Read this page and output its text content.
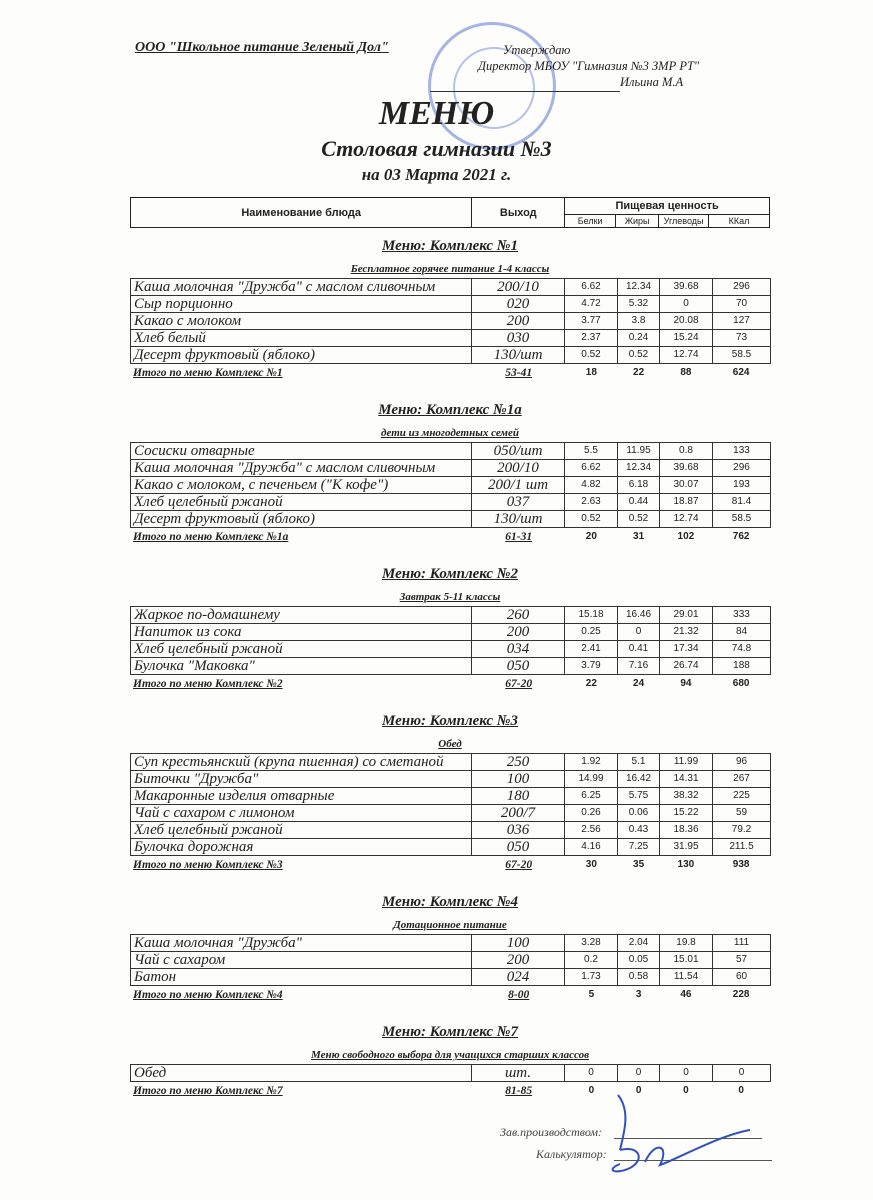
ООО "Школьное питание Зеленый Дол"	Утверждаю
Директор МБОУ "Гимназия №3 ЗМР РТ"
Ильина М.А
МЕНЮ
Столовая гимназии №3
на 03 Марта 2021 г.
Наименование блюда	Выход	Пищевая ценность			
		Белки	Жиры	Углеводы	ККал
Меню: Комплекс №1
Бесплатное горячее питание 1-4 классы
Каша молочная "Дружба" с маслом сливочным	200/10	6.62	12.34	39.68	296
Сыр порционно	020	4.72	5.32	0	70
Какао с молоком	200	3.77	3.8	20.08	127
Хлеб белый	030	2.37	0.24	15.24	73
Десерт фруктовый (яблоко)	130/шт	0.52	0.52	12.74	58.5
Итого по меню Комплекс №1	53-41	18	22	88	624
Меню: Комплекс №1а
дети из многодетных семей
Сосиски отварные	050/шт	5.5	11.95	0.8	133
Каша молочная "Дружба" с маслом сливочным	200/10	6.62	12.34	39.68	296
Какао с молоком, с печеньем ("К кофе")	200/1 шт	4.82	6.18	30.07	193
Хлеб целебный ржаной	037	2.63	0.44	18.87	81.4
Десерт фруктовый (яблоко)	130/шт	0.52	0.52	12.74	58.5
Итого по меню Комплекс №1а	61-31	20	31	102	762
Меню: Комплекс №2
Завтрак 5-11 классы
Жаркое по-домашнему	260	15.18	16.46	29.01	333
Напиток из сока	200	0.25	0	21.32	84
Хлеб целебный ржаной	034	2.41	0.41	17.34	74.8
Булочка "Маковка"	050	3.79	7.16	26.74	188
Итого по меню Комплекс №2	67-20	22	24	94	680
Меню: Комплекс №3
Обед
Суп крестьянский (крупа пшенная) со сметаной	250	1.92	5.1	11.99	96
Биточки "Дружба"	100	14.99	16.42	14.31	267
Макаронные изделия отварные	180	6.25	5.75	38.32	225
Чай с сахаром с лимоном	200/7	0.26	0.06	15.22	59
Хлеб целебный ржаной	036	2.56	0.43	18.36	79.2
Булочка дорожная	050	4.16	7.25	31.95	211.5
Итого по меню Комплекс №3	67-20	30	35	130	938
Меню: Комплекс №4
Дотационное питание
Каша молочная "Дружба"	100	3.28	2.04	19.8	111
Чай с сахаром	200	0.2	0.05	15.01	57
Батон	024	1.73	0.58	11.54	60
Итого по меню Комплекс №4	8-00	5	3	46	228
Меню: Комплекс №7
Меню свободного выбора для учащихся старших классов
Обед	шт.	0	0	0	0
Итого по меню Комплекс №7	81-85	0	0	0	0
Зав.производством:
Калькулятор:
